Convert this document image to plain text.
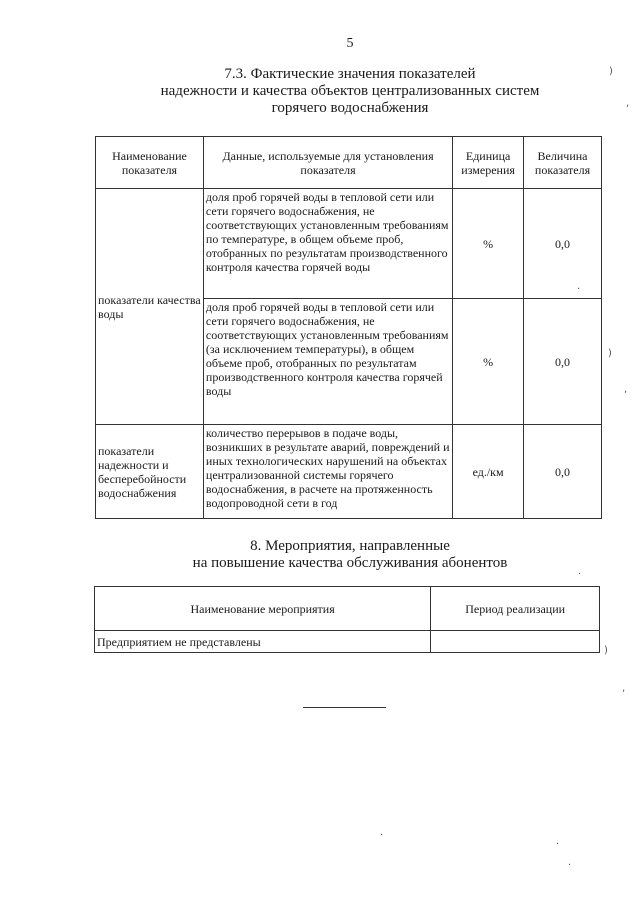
5
7.3. Фактические значения показателей
надежности и качества объектов централизованных систем
горячего водоснабжения
Наименование показателя	Данные, используемые для установления показателя	Единица измерения	Величина показателя
показатели качества воды	доля проб горячей воды в тепловой сети или сети горячего водоснабжения, не соответствующих установленным требованиям по температуре, в общем объеме проб, отобранных по результатам производственного контроля качества горячей воды	%	0,0
	доля проб горячей воды в тепловой сети или сети горячего водоснабжения, не соответствующих установленным требованиям (за исключением температуры), в общем объеме проб, отобранных по результатам производственного контроля качества горячей воды	%	0,0
показатели надежности и бесперебойности водоснабжения	количество перерывов в подаче воды, возникших в результате аварий, повреждений и иных технологических нарушений на объектах централизованной системы горячего водоснабжения, в расчете на протяженность водопроводной сети в год	ед./км	0,0
8. Мероприятия, направленные
на повышение качества обслуживания абонентов
Наименование мероприятия	Период реализации
Предприятием не представлены	
)
,
)
,
)
,
.
.
.
.
·
